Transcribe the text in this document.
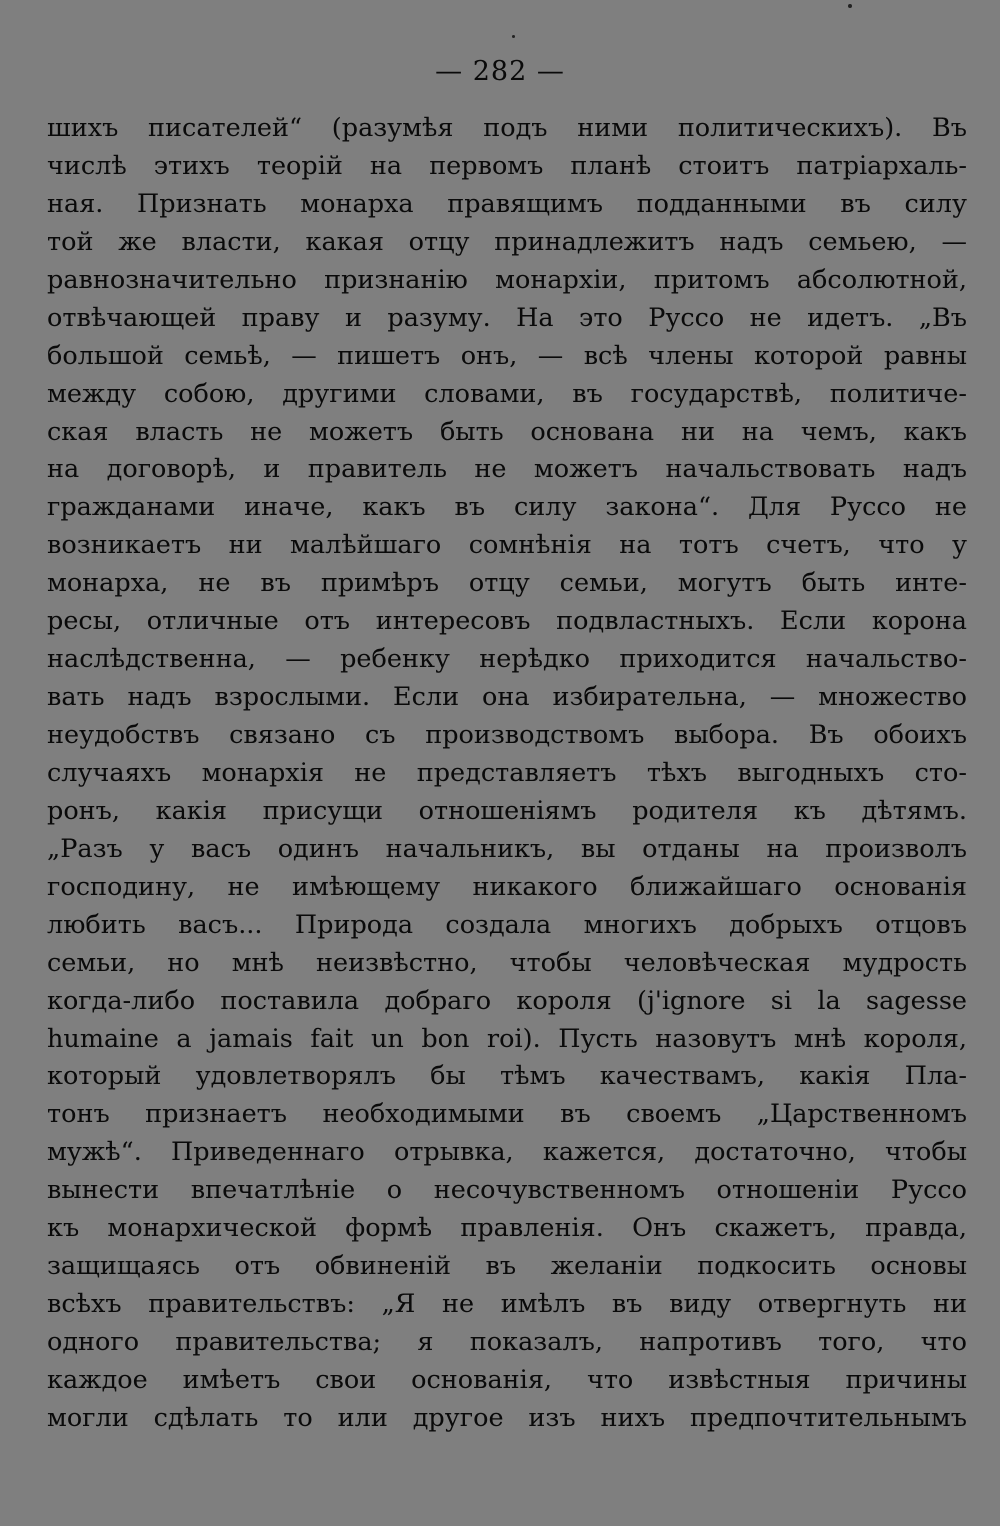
— 282 —
шихъ писателей“ (разумѣя подъ ними политическихъ). Въ
числѣ этихъ теорій на первомъ планѣ стоитъ патріархаль-
ная. Признать монарха правящимъ подданными въ силу
той же власти, какая отцу принадлежитъ надъ семьею, —
равнозначительно признанію монархіи, притомъ абсолютной,
отвѣчающей праву и разуму. На это Руссо не идетъ. „Въ
большой семьѣ, — пишетъ онъ, — всѣ члены которой равны
между собою, другими словами, въ государствѣ, политиче-
ская власть не можетъ быть основана ни на чемъ, какъ
на договорѣ, и правитель не можетъ начальствовать надъ
гражданами иначе, какъ въ силу закона“. Для Руссо не
возникаетъ ни малѣйшаго сомнѣнія на тотъ счетъ, что у
монарха, не въ примѣръ отцу семьи, могутъ быть инте-
ресы, отличные отъ интересовъ подвластныхъ. Если корона
наслѣдственна, — ребенку нерѣдко приходится начальство-
вать надъ взрослыми. Если она избирательна, — множество
неудобствъ связано съ производствомъ выбора. Въ обоихъ
случаяхъ монархія не представляетъ тѣхъ выгодныхъ сто-
ронъ, какія присущи отношеніямъ родителя къ дѣтямъ.
„Разъ у васъ одинъ начальникъ, вы отданы на произволъ
господину, не имѣющему никакого ближайшаго основанія
любить васъ... Природа создала многихъ добрыхъ отцовъ
семьи, но мнѣ неизвѣстно, чтобы человѣческая мудрость
когда-либо поставила добраго короля (j'ignore si la sagesse
humaine a jamais fait un bon roi). Пусть назовутъ мнѣ короля,
который удовлетворялъ бы тѣмъ качествамъ, какія Пла-
тонъ признаетъ необходимыми въ своемъ „Царственномъ
мужѣ“. Приведеннаго отрывка, кажется, достаточно, чтобы
вынести впечатлѣніе о несочувственномъ отношеніи Руссо
къ монархической формѣ правленія. Онъ скажетъ, правда,
защищаясь отъ обвиненій въ желаніи подкосить основы
всѣхъ правительствъ: „Я не имѣлъ въ виду отвергнуть ни
одного правительства; я показалъ, напротивъ того, что
каждое имѣетъ свои основанія, что извѣстныя причины
могли сдѣлать то или другое изъ нихъ предпочтительнымъ
